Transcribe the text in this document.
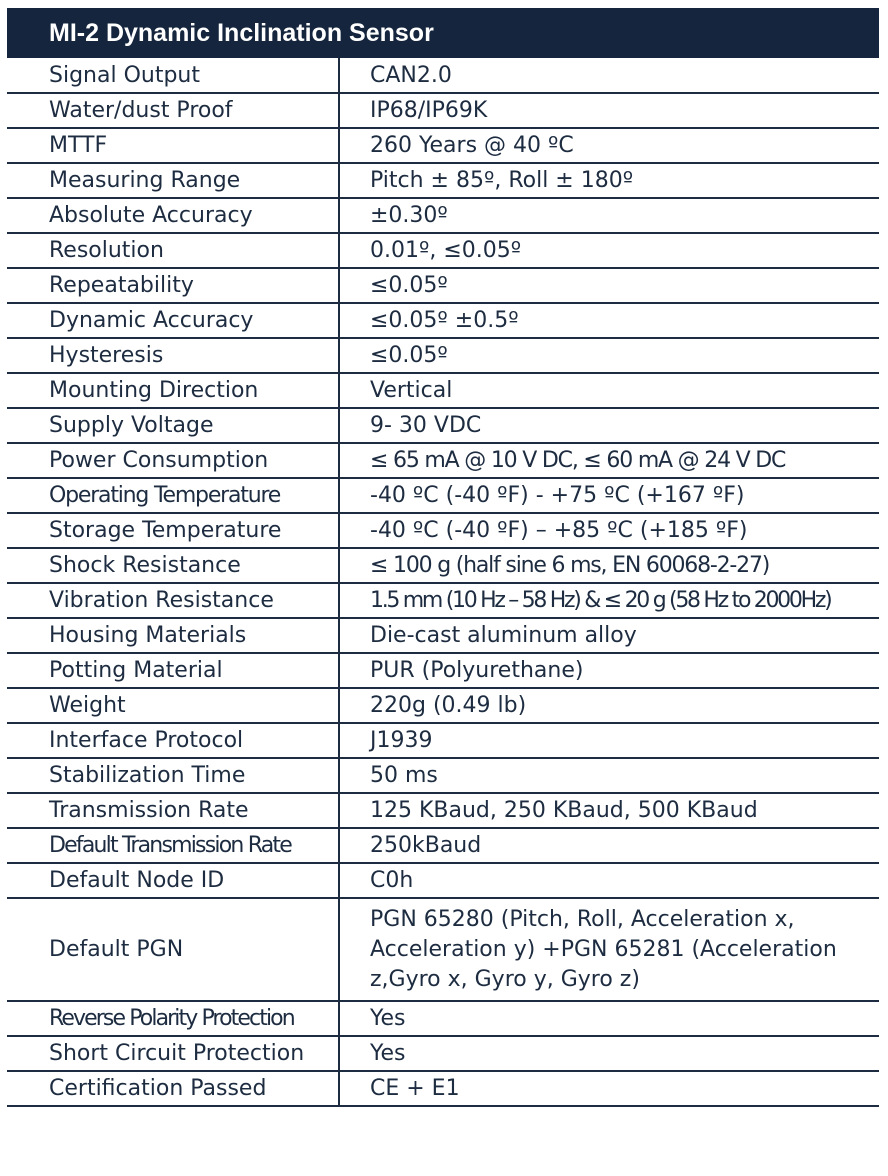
MI-2 Dynamic Inclination Sensor
Signal Output	CAN2.0
Water/dust Proof	IP68/IP69K
MTTF	260 Years @ 40 ºC
Measuring Range	Pitch ± 85º, Roll ± 180º
Absolute Accuracy	±0.30º
Resolution	0.01º, ≤0.05º
Repeatability	≤0.05º
Dynamic Accuracy	≤0.05º ±0.5º
Hysteresis	≤0.05º
Mounting Direction	Vertical
Supply Voltage	9- 30 VDC
Power Consumption	≤ 65 mA @ 10 V DC, ≤ 60 mA @ 24 V DC
Operating Temperature	-40 ºC (-40 ºF) - +75 ºC (+167 ºF)
Storage Temperature	-40 ºC (-40 ºF) – +85 ºC (+185 ºF)
Shock Resistance	≤ 100 g (half sine 6 ms, EN 60068-2-27)
Vibration Resistance	1.5 mm (10 Hz – 58 Hz) & ≤ 20 g (58 Hz to 2000Hz)
Housing Materials	Die-cast aluminum alloy
Potting Material	PUR (Polyurethane)
Weight	220g (0.49 lb)
Interface Protocol	J1939
Stabilization Time	50 ms
Transmission Rate	125 KBaud, 250 KBaud, 500 KBaud
Default Transmission Rate	250kBaud
Default Node ID	C0h
Default PGN	PGN 65280 (Pitch, Roll, Acceleration x, Acceleration y) +PGN 65281 (Acceleration z,Gyro x, Gyro y, Gyro z)
Reverse Polarity Protection	Yes
Short Circuit Protection	Yes
Certification Passed	CE + E1
